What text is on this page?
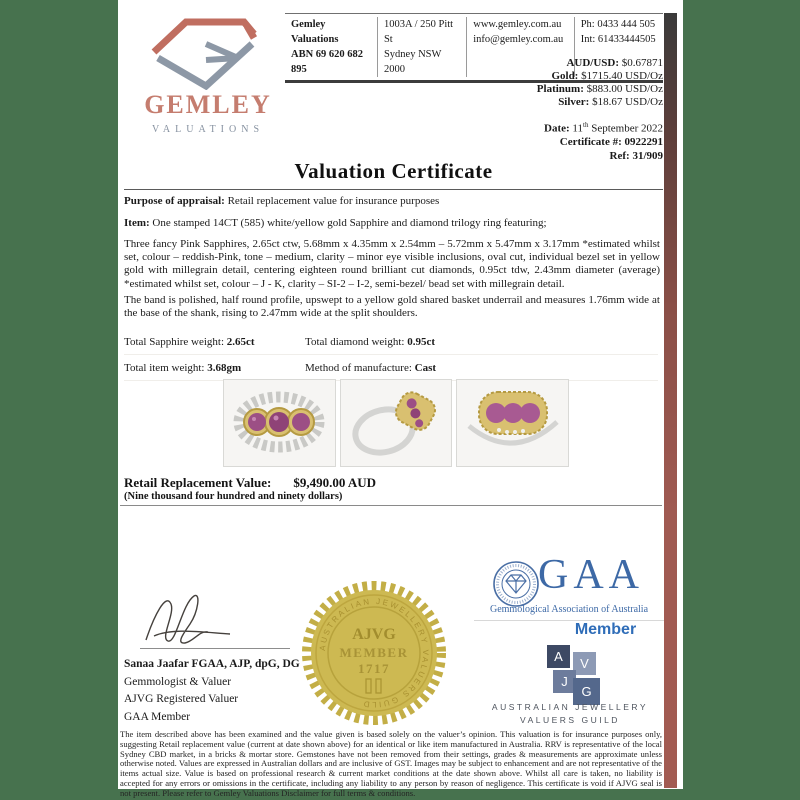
GEMLEY
VALUATIONS
Gemley Valuations
ABN 69 620 682 895
1003A / 250 Pitt St
Sydney NSW 2000
www.gemley.com.au
info@gemley.com.au
Ph: 0433 444 505
Int: 61433444505
AUD/USD: $0.67871
Gold: $1715.40 USD/Oz
Platinum: $883.00 USD/Oz
Silver: $18.67 USD/Oz
Date: 11th September 2022
Certificate #: 0922291
Ref: 31/909
Valuation Certificate
Purpose of appraisal: Retail replacement value for insurance purposes
Item: One stamped 14CT (585) white/yellow gold Sapphire and diamond trilogy ring featuring;
Three fancy Pink Sapphires, 2.65ct ctw, 5.68mm x 4.35mm x 2.54mm – 5.72mm x 5.47mm x 3.17mm *estimated whilst set, colour – reddish-Pink, tone – medium, clarity – minor eye visible inclusions, oval cut, individual bezel set in yellow gold with millegrain detail, centering eighteen round brilliant cut diamonds, 0.95ct tdw, 2.43mm diameter (average) *estimated whilst set, colour – J - K, clarity – SI-2 – I-2, semi-bezel/ bead set with millegrain detail.
The band is polished, half round profile, upswept to a yellow gold shared basket underrail and measures 1.76mm wide at the base of the shank, rising to 2.47mm wide at the split shoulders.
Total Sapphire weight: 2.65ct	Total diamond weight: 0.95ct
Total item weight: 3.68gm	Method of manufacture: Cast
Retail Replacement Value: $9,490.00 AUD
(Nine thousand four hundred and ninety dollars)
Sanaa Jaafar FGAA, AJP, dpG, DG
Gemmologist & Valuer
AJVG Registered Valuer
GAA Member
AUSTRALIAN JEWELLERY VALUERS GUILD
AJVG
MEMBER
1717
GAA
Gemmological Association of Australia
Member
A V
J
G
AUSTRALIAN JEWELLERY
VALUERS GUILD
The item described above has been examined and the value given is based solely on the valuer’s opinion. This valuation is for insurance purposes only, suggesting Retail replacement value (current at date shown above) for an identical or like item manufactured in Australia. RRV is representative of the local Sydney CBD market, in a bricks & mortar store. Gemstones have not been removed from their settings, grades & measurements are approximate unless otherwise noted. Values are expressed in Australian dollars and are inclusive of GST. Images may be subject to enhancement and are not representative of the items actual size. Value is based on professional research & current market conditions at the date shown above. Whilst all care is taken, no liability is accepted for any errors or omissions in the certificate, including any liability to any person by reason of negligence. This certificate is void if AJVG seal is not present. Please refer to Gemley Valuations Disclaimer for full terms & conditions.
